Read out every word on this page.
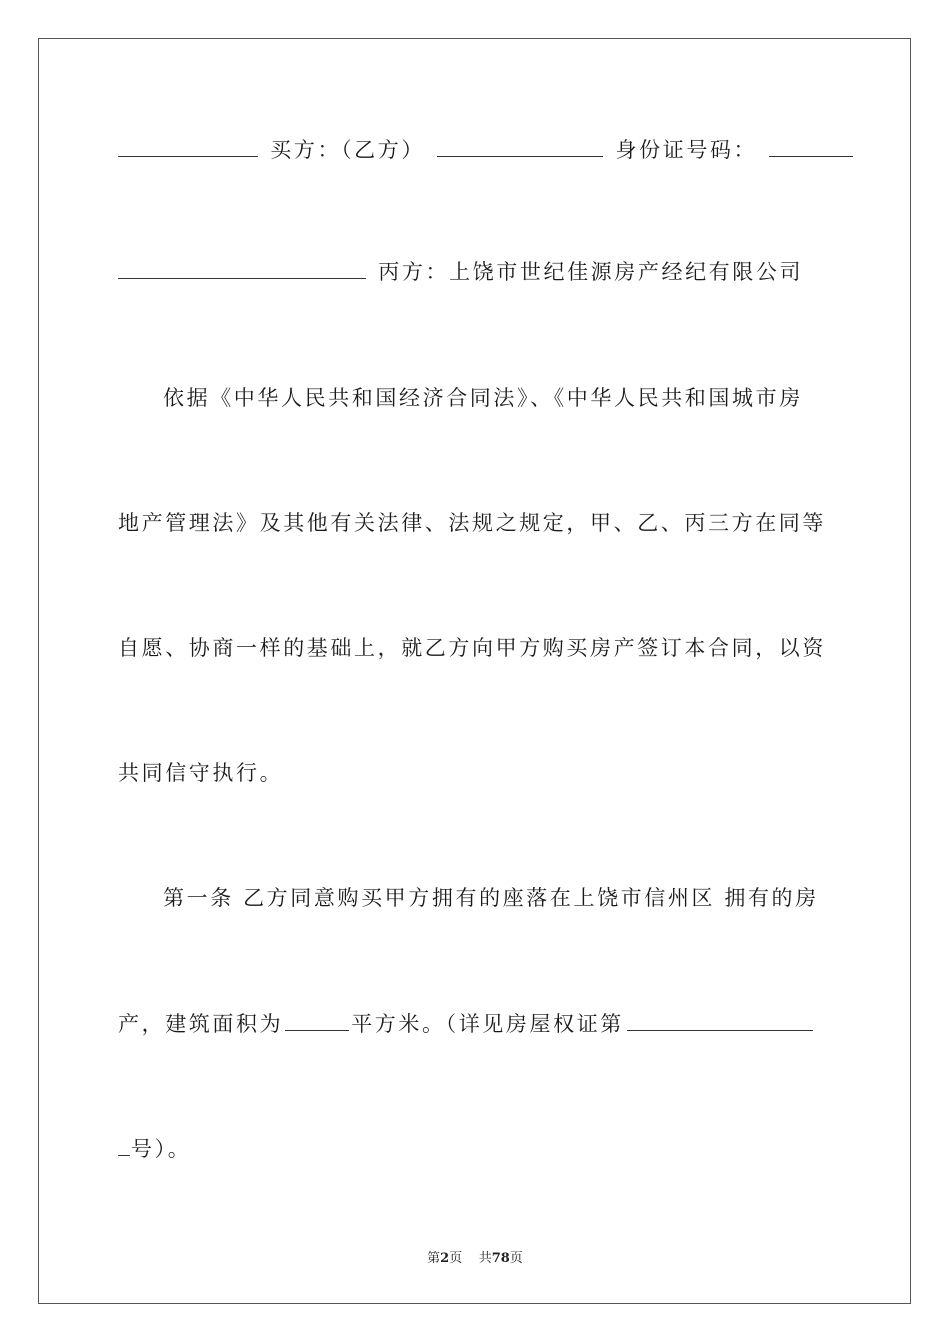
买方：（乙方）	身份证号码：
丙方：上饶市世纪佳源房产经纪有限公司
依据《中华人民共和国经济合同法》、《中华人民共和国城市房
地产管理法》及其他有关法律、法规之规定，甲、乙、丙三方在同等
自愿、协商一样的基础上，就乙方向甲方购买房产签订本合同，以资
共同信守执行。
第一条 乙方同意购买甲方拥有的座落在上饶市信州区 拥有的房
产，建筑面积为	平方米。（详见房屋权证第
号）。
第2页 共78页
